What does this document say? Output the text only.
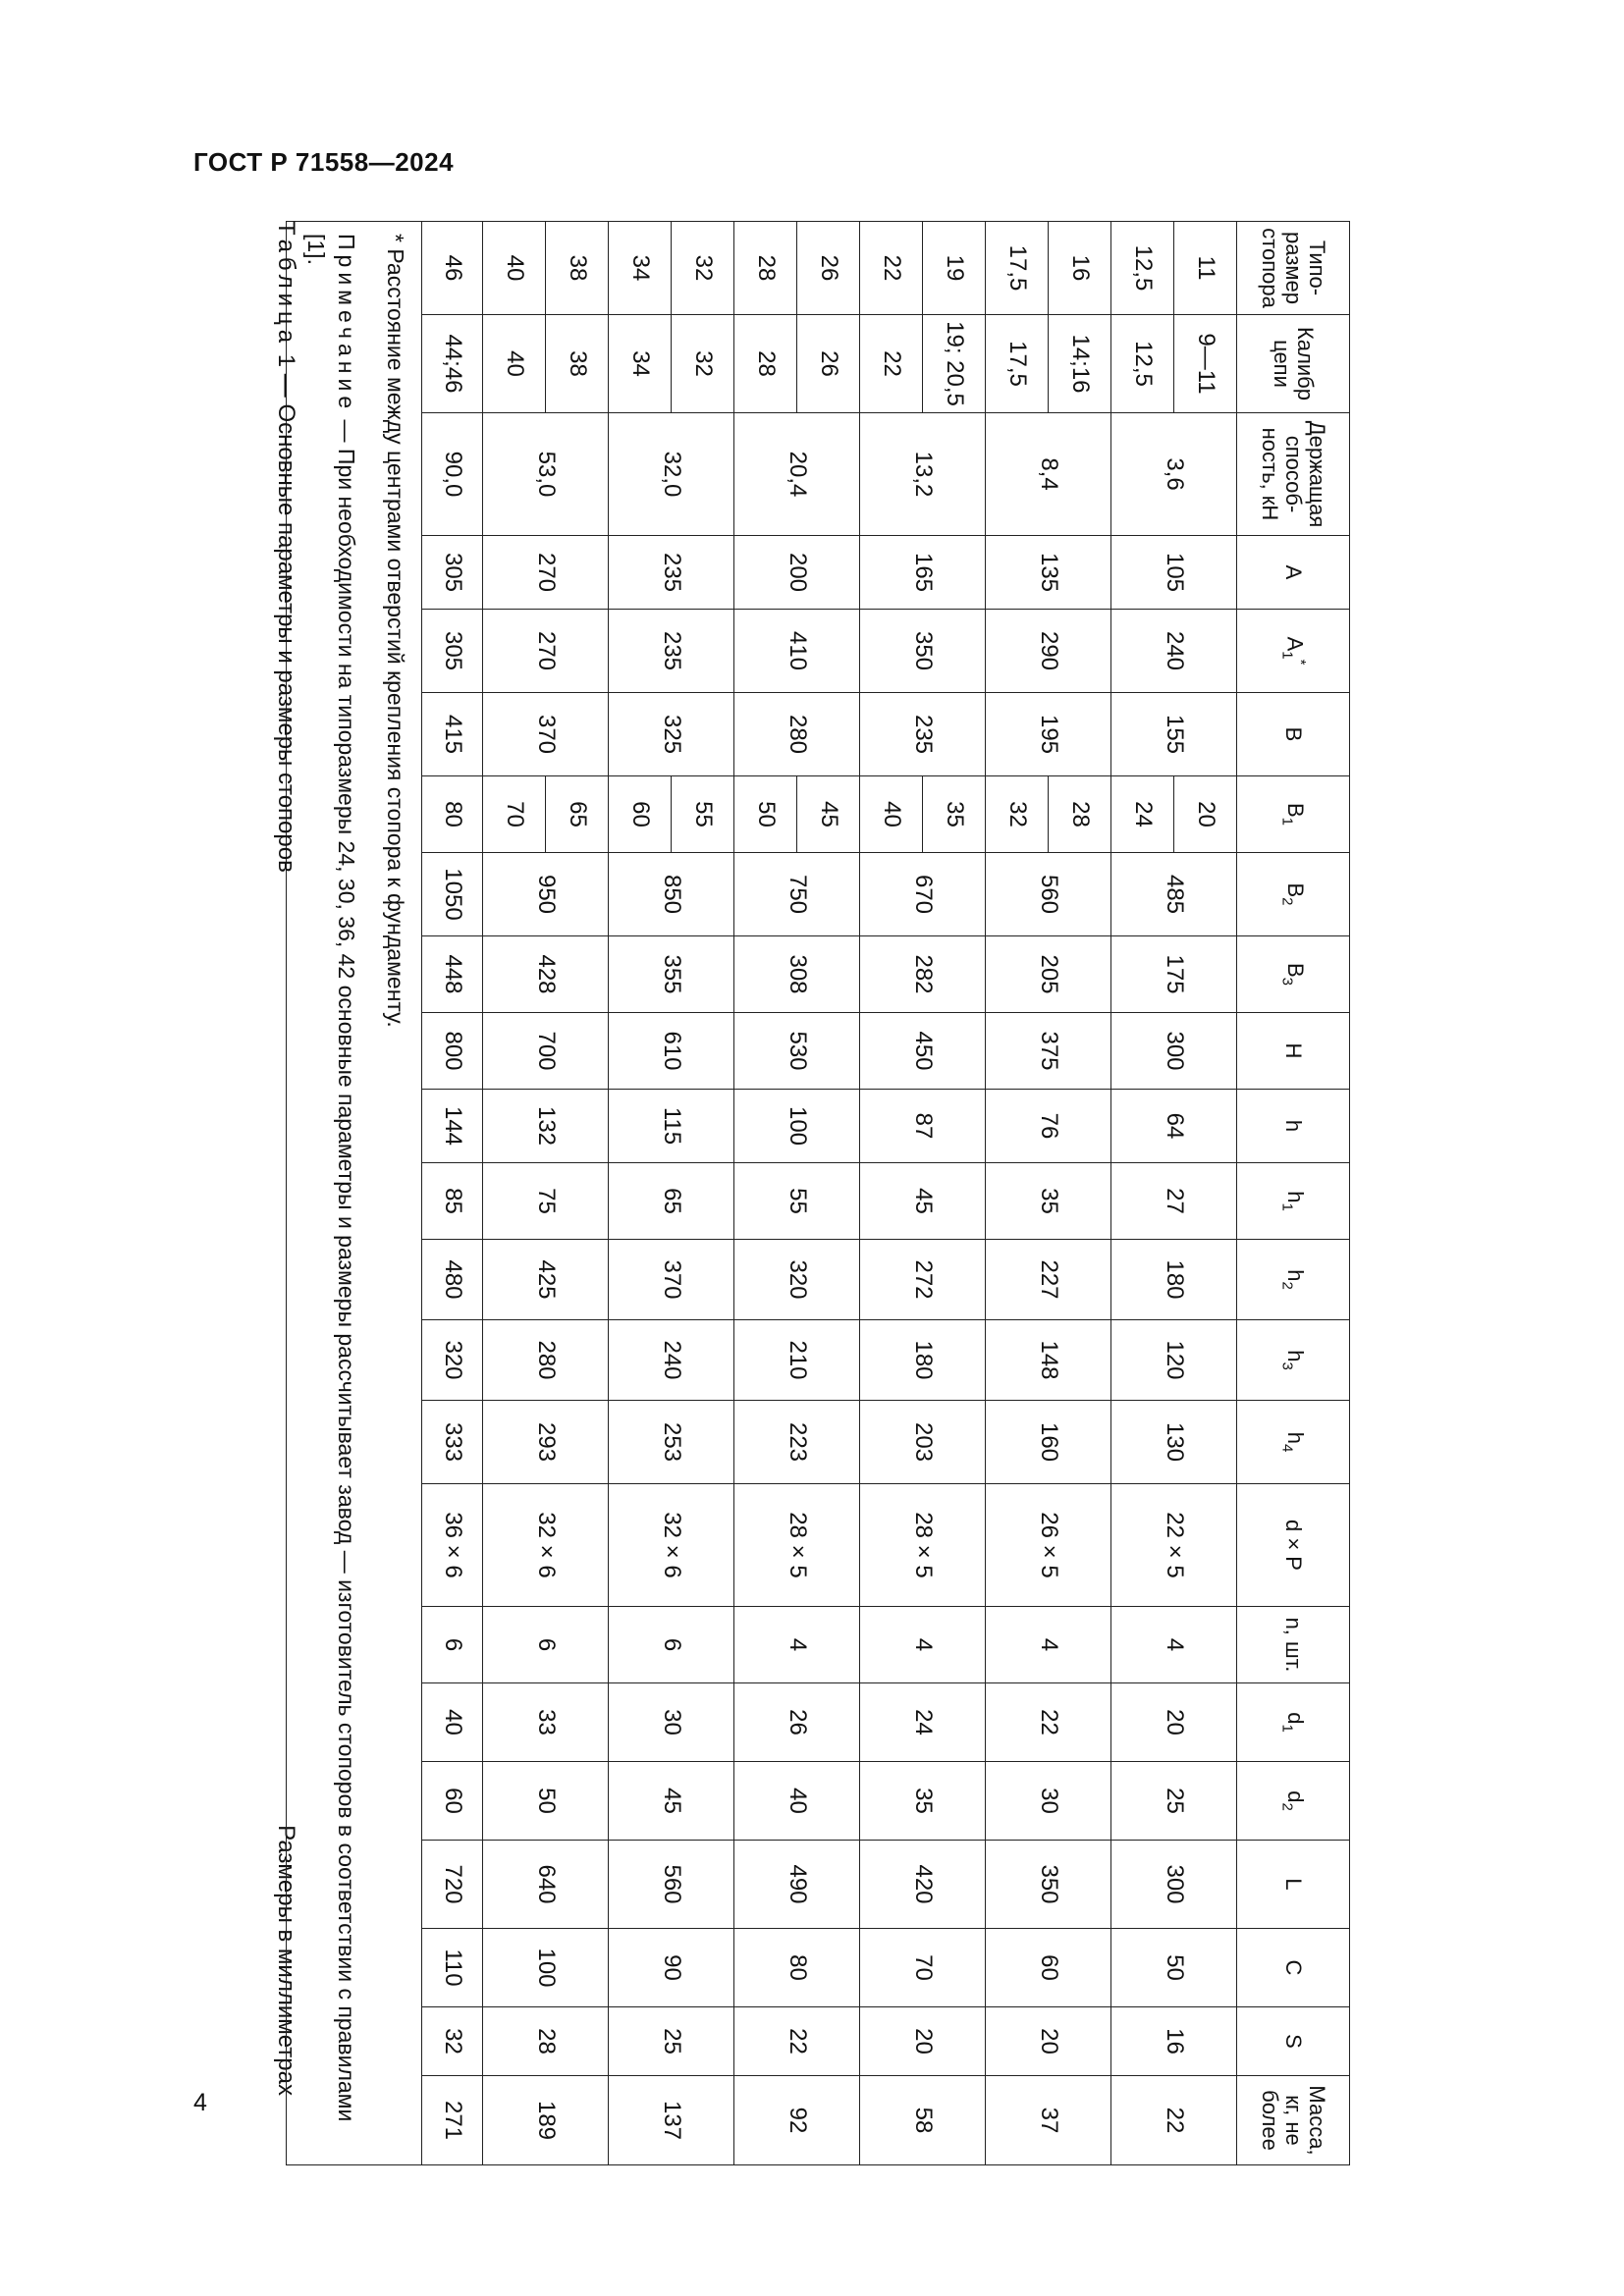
ГОСТ Р 71558—2024
4
Размеры в миллиметрах
Типо-размер стопора	Калибр цепи	Держащая способ-ность, кН	A	$A_1^*$	B	$B_1$	$B_2$	$B_3$	H	h	$h_1$	$h_2$	$h_3$	$h_4$	d × P	n, шт.	$d_1$	$d_2$	L	C	S	Масса, кг, не более
11	9—11	3,6	105	240	155	20	485	175	300	64	27	180	120	130	22 × 5	4	20	25	300	50	16	22
12,5	12,5					24																
16	14;16	8,4	135	290	195	28	560	205	375	76	35	227	148	160	26 × 5	4	22	30	350	60	20	37
17,5	17,5					32																
19	19; 20,5	13,2	165	350	235	35	670	282	450	87	45	272	180	203	28 × 5	4	24	35	420	70	20	58
22	22					40																
26	26	20,4	200	410	280	45	750	308	530	100	55	320	210	223	28 × 5	4	26	40	490	80	22	92
28	28					50																
32	32	32,0	235	235	325	55	850	355	610	115	65	370	240	253	32 × 6	6	30	45	560	90	25	137
34	34					60																
38	38	53,0	270	270	370	65	950	428	700	132	75	425	280	293	32 × 6	6	33	50	640	100	28	189
40	40					70																
46	44;46	90,0	305	305	415	80	1050	448	800	144	85	480	320	333	36 × 6	6	40	60	720	110	32	271

* Расстояние между центрами отверстий крепления стопора к фундаменту.
Примечание — При необходимости на типоразмеры 24, 30, 36, 42 основные параметры и размеры рассчитывает завод — изготовитель стопоров в соответствии с правилами [1].																						
Таблица 1 — Основные параметры и размеры стопоров
